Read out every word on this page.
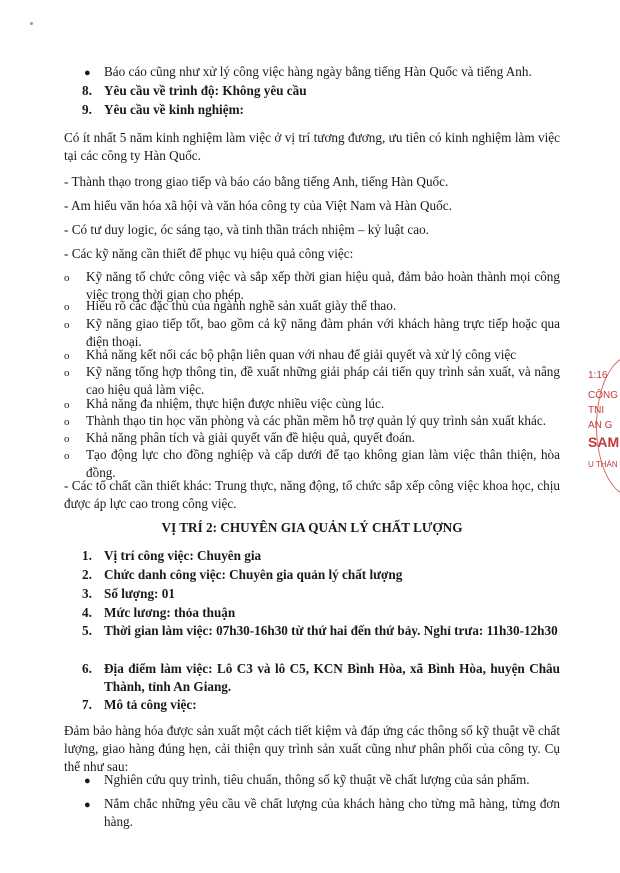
● Báo cáo cũng như xử lý công việc hàng ngày bằng tiếng Hàn Quốc và tiếng Anh.

8. Yêu cầu về trình độ: Không yêu cầu

9. Yêu cầu về kinh nghiệm:

Có ít nhất 5 năm kinh nghiệm làm việc ở vị trí tương đương, ưu tiên có kinh nghiệm làm việc tại các công ty Hàn Quốc.

- Thành thạo trong giao tiếp và báo cáo bằng tiếng Anh, tiếng Hàn Quốc.

- Am hiểu văn hóa xã hội và văn hóa công ty của Việt Nam và Hàn Quốc.

- Có tư duy logic, óc sáng tạo, và tinh thần trách nhiệm – kỷ luật cao.

- Các kỹ năng cần thiết để phục vụ hiệu quả công việc:

o Kỹ năng tổ chức công việc và sắp xếp thời gian hiệu quả, đảm bảo hoàn thành mọi công việc trong thời gian cho phép.

o Hiểu rõ các đặc thù của ngành nghề sản xuất giày thể thao.

o Kỹ năng giao tiếp tốt, bao gồm cả kỹ năng đàm phán với khách hàng trực tiếp hoặc qua điện thoại.

o Khả năng kết nối các bộ phận liên quan với nhau để giải quyết và xử lý công việc

o Kỹ năng tổng hợp thông tin, đề xuất những giải pháp cải tiến quy trình sản xuất, và nâng cao hiệu quả làm việc.

o Khả năng đa nhiệm, thực hiện được nhiều việc cùng lúc.

o Thành thạo tin học văn phòng và các phần mềm hỗ trợ quản lý quy trình sản xuất khác.

o Khả năng phân tích và giải quyết vấn đề hiệu quả, quyết đoán.

o Tạo động lực cho đồng nghiệp và cấp dưới để tạo không gian làm việc thân thiện, hòa đồng.

- Các tố chất cần thiết khác: Trung thực, năng động, tổ chức sắp xếp công việc khoa học, chịu được áp lực cao trong công việc.

VỊ TRÍ 2: CHUYÊN GIA QUẢN LÝ CHẤT LƯỢNG

1. Vị trí công việc: Chuyên gia

2. Chức danh công việc: Chuyên gia quản lý chất lượng

3. Số lượng: 01

4. Mức lương: thỏa thuận

5. Thời gian làm việc: 07h30-16h30 từ thứ hai đến thứ bảy. Nghỉ trưa: 11h30-12h30

6. Địa điểm làm việc: Lô C3 và lô C5, KCN Bình Hòa, xã Bình Hòa, huyện Châu Thành, tỉnh An Giang.

7. Mô tả công việc:

Đảm bảo hàng hóa được sản xuất một cách tiết kiệm và đáp ứng các thông số kỹ thuật về chất lượng, giao hàng đúng hẹn, cải thiện quy trình sản xuất cũng như phân phối của công ty. Cụ thể như sau:

● Nghiên cứu quy trình, tiêu chuẩn, thông số kỹ thuật về chất lượng của sản phẩm.

● Nắm chắc những yêu cầu về chất lượng của khách hàng cho từng mã hàng, từng đơn hàng.

1:16
CÔNG
TNI
AN G
SAM
U THÀN
